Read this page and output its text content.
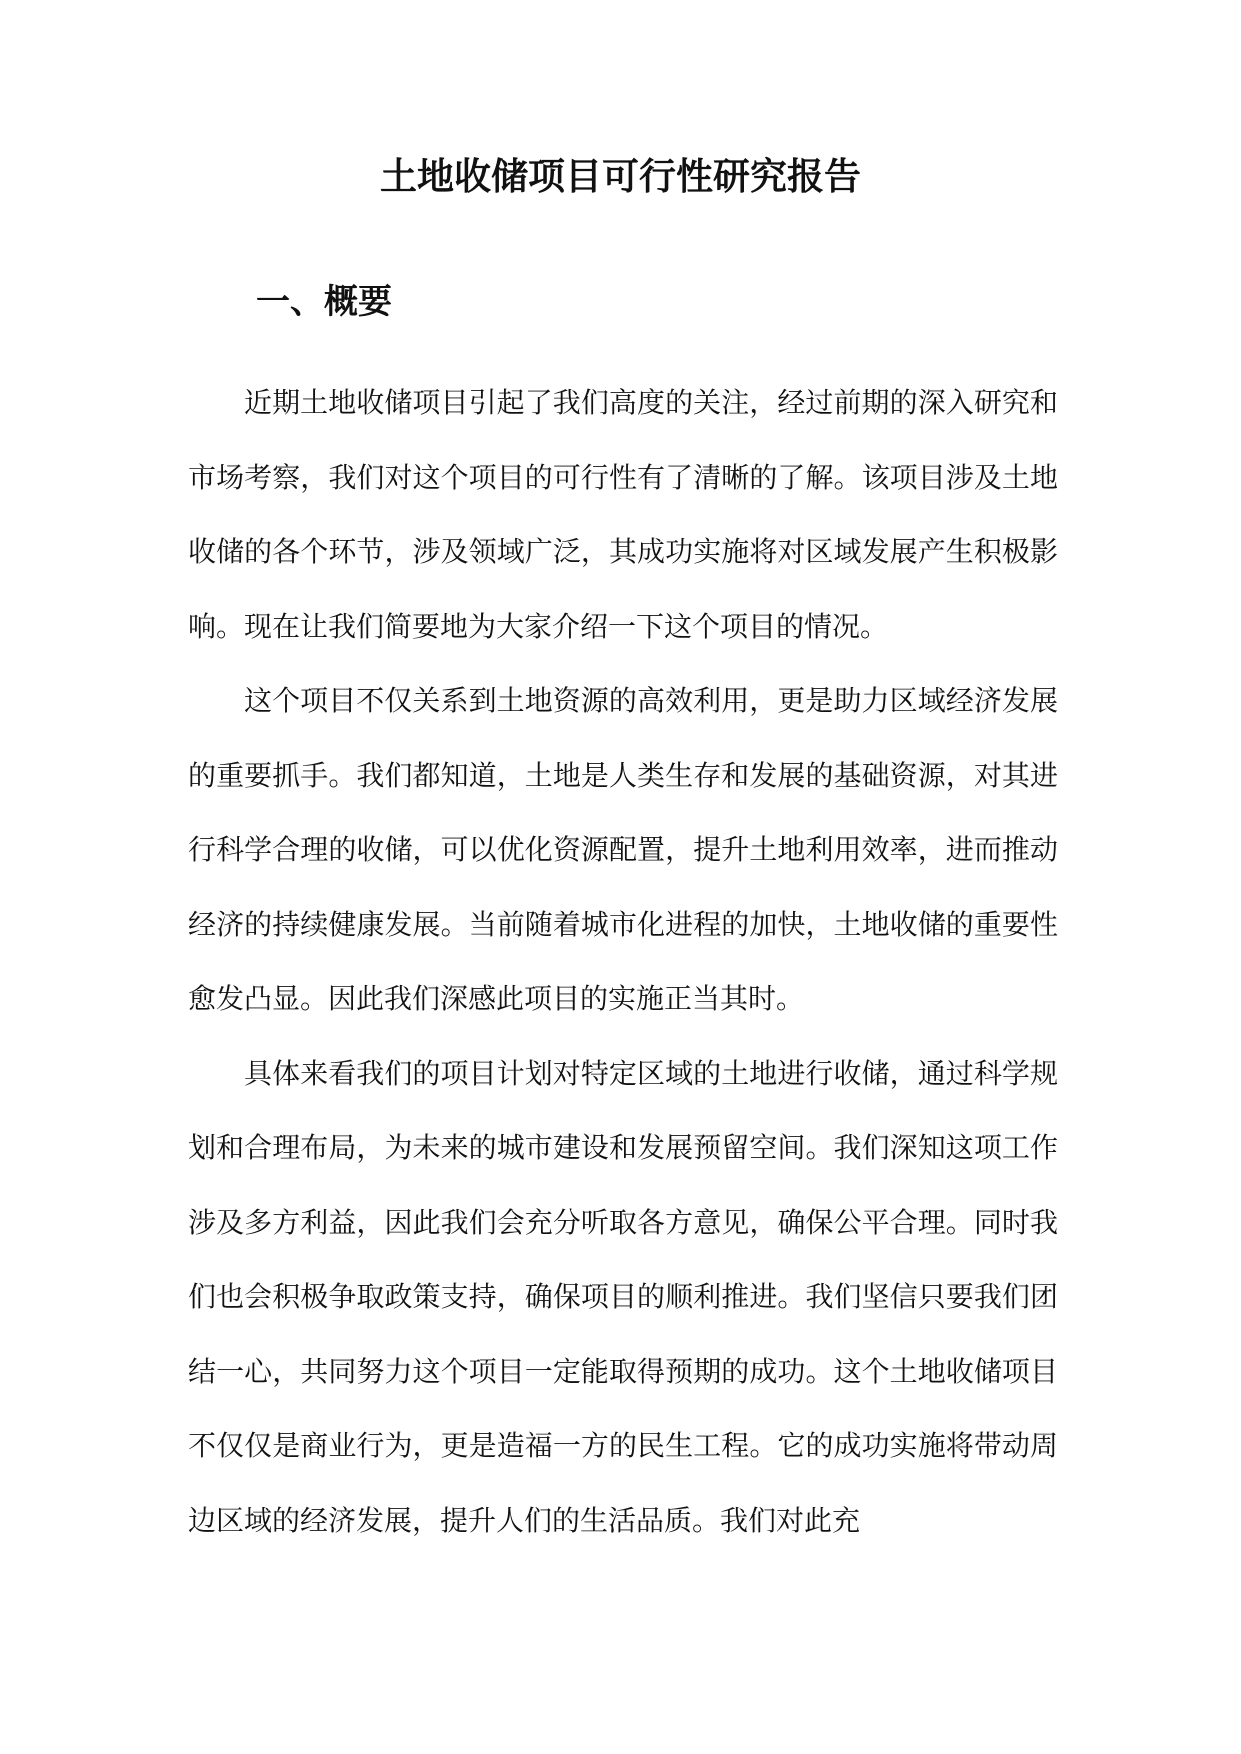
土地收储项目可行性研究报告
一、概要

近期土地收储项目引起了我们高度的关注，经过前期的深入研究和市场考察，我们对这个项目的可行性有了清晰的了解。该项目涉及土地收储的各个环节，涉及领域广泛，其成功实施将对区域发展产生积极影响。现在让我们简要地为大家介绍一下这个项目的情况。

这个项目不仅关系到土地资源的高效利用，更是助力区域经济发展的重要抓手。我们都知道，土地是人类生存和发展的基础资源，对其进行科学合理的收储，可以优化资源配置，提升土地利用效率，进而推动经济的持续健康发展。当前随着城市化进程的加快，土地收储的重要性愈发凸显。因此我们深感此项目的实施正当其时。

具体来看我们的项目计划对特定区域的土地进行收储，通过科学规划和合理布局，为未来的城市建设和发展预留空间。我们深知这项工作涉及多方利益，因此我们会充分听取各方意见，确保公平合理。同时我们也会积极争取政策支持，确保项目的顺利推进。我们坚信只要我们团结一心，共同努力这个项目一定能取得预期的成功。这个土地收储项目不仅仅是商业行为，更是造福一方的民生工程。它的成功实施将带动周边区域的经济发展，提升人们的生活品质。我们对此充
